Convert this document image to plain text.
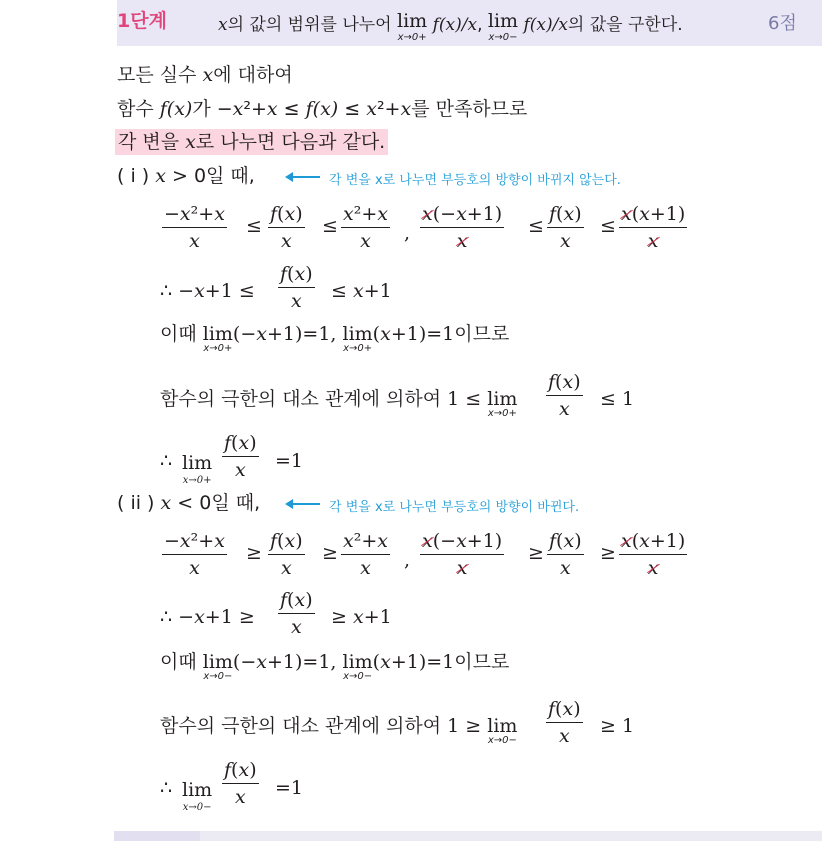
1단계	x의 값의 범위를 나누어 lim
x→0+
f(x)/x, lim
x→0−
f(x)/x의 값을 구한다.	6점
모든 실수 x에 대하여
함수 f(x)가 −x²+x ≤ f(x) ≤ x²+x를 만족하므로
각 변을 x로 나누면 다음과 같다.
( i ) x > 0일 때,	각 변을 x로 나누면 부등호의 방향이 바뀌지 않는다.
−x²+x
x
≤
f(x)
x
≤
x²+x
x	,
x(−x+1)
x
≤
f(x)
x
≤
x(x+1)
x
∴ −x+1 ≤
f(x)
x	≤ x+1
이때 lim
x→0+
(−x+1)=1, lim
x→0+
(x+1)=1이므로
함수의 극한의 대소 관계에 의하여 1 ≤ lim
x→0+
f(x)
x	≤ 1
∴ lim
x→0+
f(x)
x	=1
( ii ) x < 0일 때,	각 변을 x로 나누면 부등호의 방향이 바뀐다.
−x²+x
x
≥
f(x)
x
≥
x²+x
x	,
x(−x+1)
x
≥
f(x)
x
≥
x(x+1)
x
∴ −x+1 ≥
f(x)
x	≥ x+1
이때 lim
x→0−
(−x+1)=1, lim
x→0−
(x+1)=1이므로
함수의 극한의 대소 관계에 의하여 1 ≥ lim
x→0−
f(x)
x	≥ 1
∴ lim
x→0−
f(x)
x	=1
